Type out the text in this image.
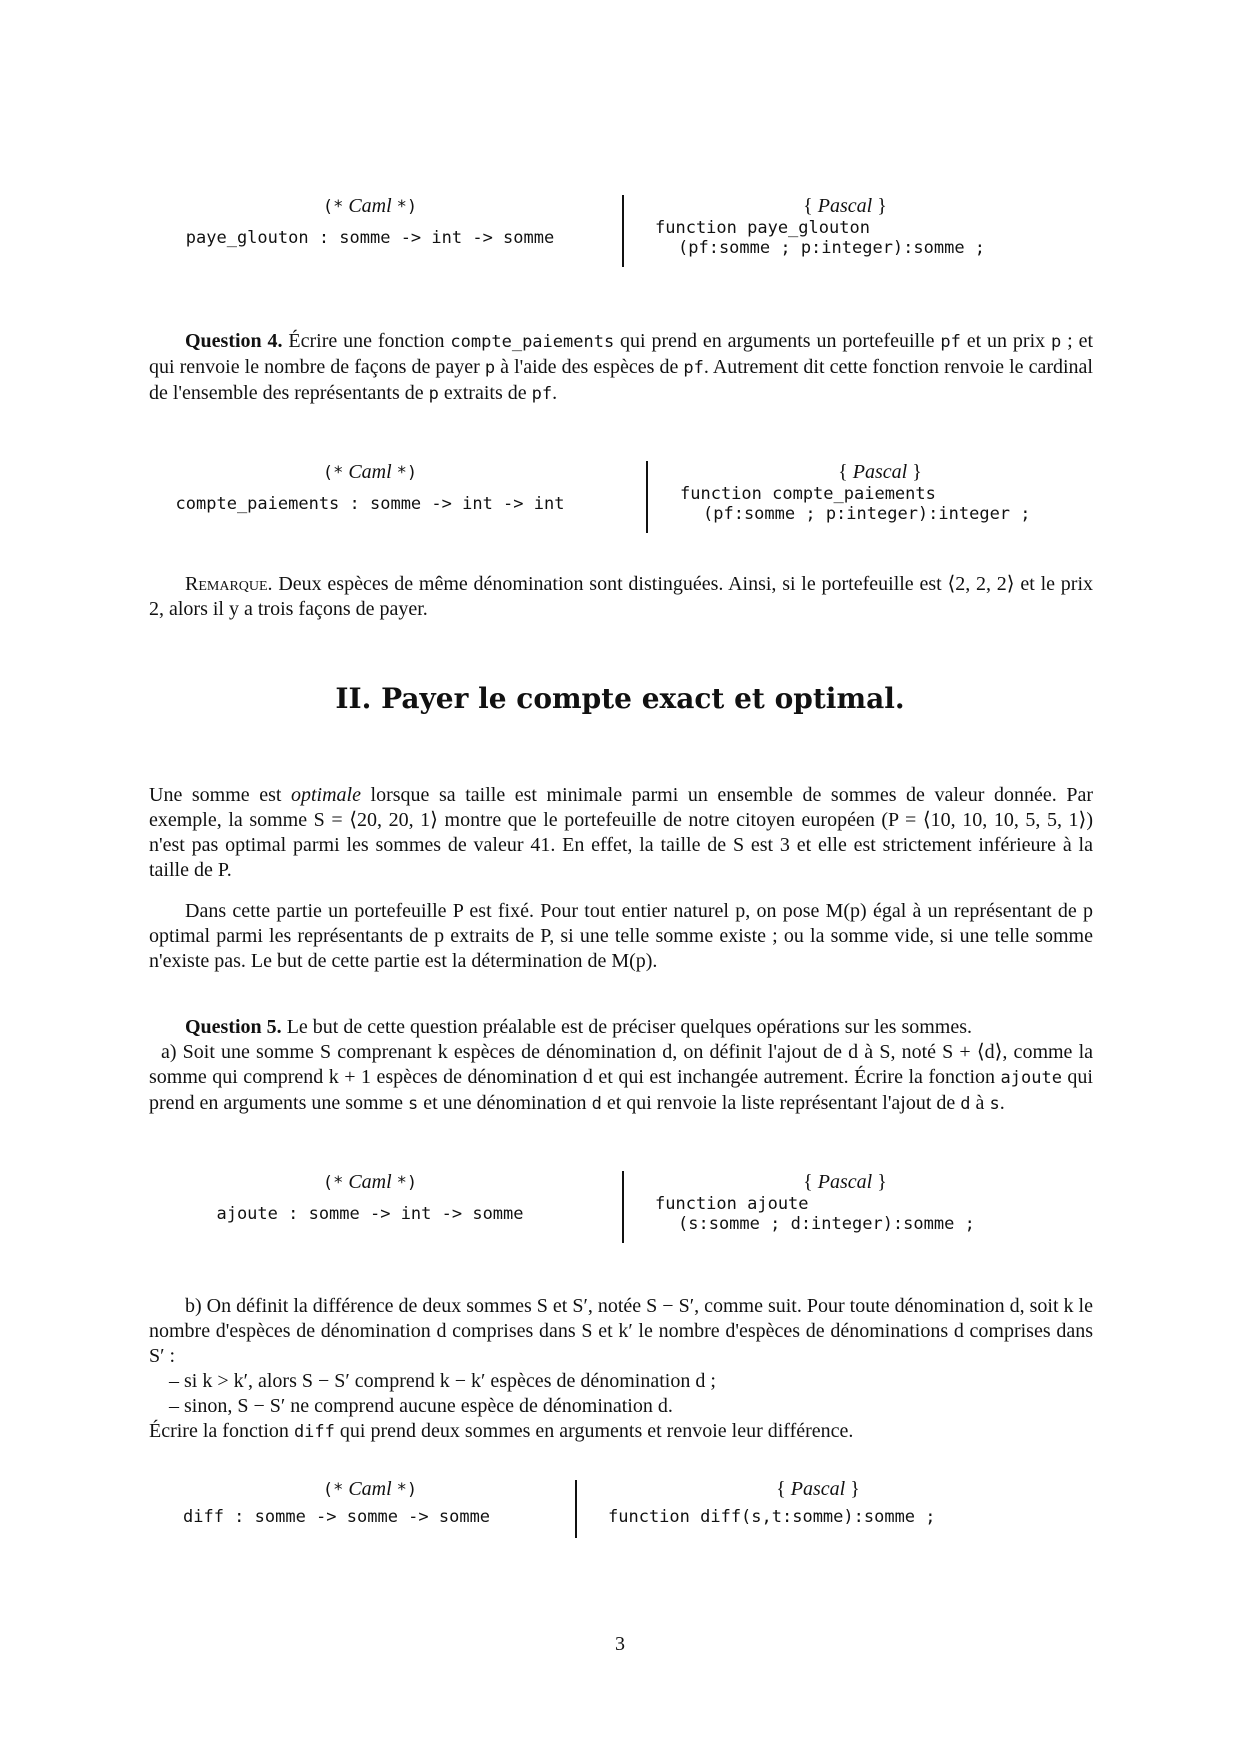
(* Caml *)
paye_glouton : somme -> int -> somme
{ Pascal }
function paye_glouton
(pf:somme ; p:integer):somme ;

Question 4. Écrire une fonction compte_paiements qui prend en arguments un portefeuille pf et un prix p ; et qui renvoie le nombre de façons de payer p à l'aide des espèces de pf. Autrement dit cette fonction renvoie le cardinal de l'ensemble des représentants de p extraits de pf.

(* Caml *)
compte_paiements : somme -> int -> int
{ Pascal }
function compte_paiements
(pf:somme ; p:integer):integer ;

Remarque. Deux espèces de même dénomination sont distinguées. Ainsi, si le portefeuille est ⟨2, 2, 2⟩ et le prix 2, alors il y a trois façons de payer.

II. Payer le compte exact et optimal.

Une somme est optimale lorsque sa taille est minimale parmi un ensemble de sommes de valeur donnée. Par exemple, la somme S = ⟨20, 20, 1⟩ montre que le portefeuille de notre citoyen européen (P = ⟨10, 10, 10, 5, 5, 1⟩) n'est pas optimal parmi les sommes de valeur 41. En effet, la taille de S est 3 et elle est strictement inférieure à la taille de P.

Dans cette partie un portefeuille P est fixé. Pour tout entier naturel p, on pose M(p) égal à un représentant de p optimal parmi les représentants de p extraits de P, si une telle somme existe ; ou la somme vide, si une telle somme n'existe pas. Le but de cette partie est la détermination de M(p).

Question 5. Le but de cette question préalable est de préciser quelques opérations sur les sommes.

a) Soit une somme S comprenant k espèces de dénomination d, on définit l'ajout de d à S, noté S + ⟨d⟩, comme la somme qui comprend k + 1 espèces de dénomination d et qui est inchangée autrement. Écrire la fonction ajoute qui prend en arguments une somme s et une dénomination d et qui renvoie la liste représentant l'ajout de d à s.

(* Caml *)
ajoute : somme -> int -> somme
{ Pascal }
function ajoute
(s:somme ; d:integer):somme ;

b) On définit la différence de deux sommes S et S′, notée S − S′, comme suit. Pour toute dénomination d, soit k le nombre d'espèces de dénomination d comprises dans S et k′ le nombre d'espèces de dénominations d comprises dans S′ :

– si k > k′, alors S − S′ comprend k − k′ espèces de dénomination d ;

– sinon, S − S′ ne comprend aucune espèce de dénomination d.

Écrire la fonction diff qui prend deux sommes en arguments et renvoie leur différence.

(* Caml *)
diff : somme -> somme -> somme
{ Pascal }
function diff(s,t:somme):somme ;
3
